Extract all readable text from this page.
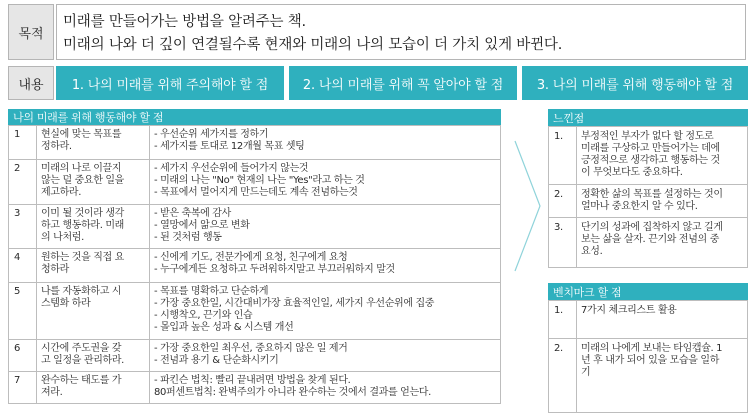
목적
미래를 만들어가는 방법을 알려주는 책.
미래의 나와 더 깊이 연결될수록 현재와 미래의 나의 모습이 더 가치 있게 바뀐다.
내용 1. 나의 미래를 위해 주의해야 할 점	2. 나의 미래를 위해 꼭 알아야 할 점	3. 나의 미래를 위해 행동해야 할 점
나의 미래를 위해 행동해야 할 점
1	현실에 맞는 목표를
정하라.	- 우선순위 세가지를 정하기
- 세가지를 토대로 12개월 목표 셋팅

2	미래의 나로 이끌지
않는 덜 중요한 일을
제고하라.	- 세가지 우선순위에 들어가지 않는것
- 미래의 나는 "No" 현재의 나는 "Yes"라고 하는 것
- 목표에서 멀어지게 만드는데도 계속 전념하는것

3	이미 될 것이라 생각
하고 행동하라. 미래
의 나처럼.	- 받은 축복에 감사
- 열망에서 앎으로 변화
- 된 것처럼 행동

4	원하는 것을 직접 요
청하라	- 신에게 기도, 전문가에게 요청, 친구에게 요청
- 누구에게든 요청하고 두려워하지말고 부끄러워하지 말것

5	나를 자동화하고 시
스템화 하라	- 목표를 명확하고 단순하게
- 가장 중요한일, 시간대비가장 효율적인일, 세가지 우선순위에 집중
- 시행착오, 끈기와 인습
- 몰입과 높은 성과 & 시스템 개선

6	시간에 주도권을 갖
고 일정을 관리하라.	- 가장 중요한일 최우선, 중요하지 않은 일 제거
- 전념과 용기 & 단순화시키기

7	완수하는 태도를 가
져라.	- 파킨슨 법칙: 빨리 끝내려면 방법을 찾게 된다.
80퍼센트법칙: 완벽주의가 아니라 완수하는 것에서 결과를 얻는다.
느낀점
1.	부정적인 부자가 없다 할 정도로
미래를 구상하고 만들어가는 데에
긍정적으로 생각하고 행동하는 것
이 무엇보다도 중요하다.

2.	정확한 삶의 목표를 설정하는 것이
얼마나 중요한지 알 수 있다.

3.	단기의 성과에 집착하지 않고 길게
보는 삶을 살자. 끈기와 전념의 중
요성.
벤치마크 할 점
1.	7가지 체크리스트 활용

2.	미래의 나에게 보내는 타임캡슐. 1
년 후 내가 되어 있을 모습을 일하
기
